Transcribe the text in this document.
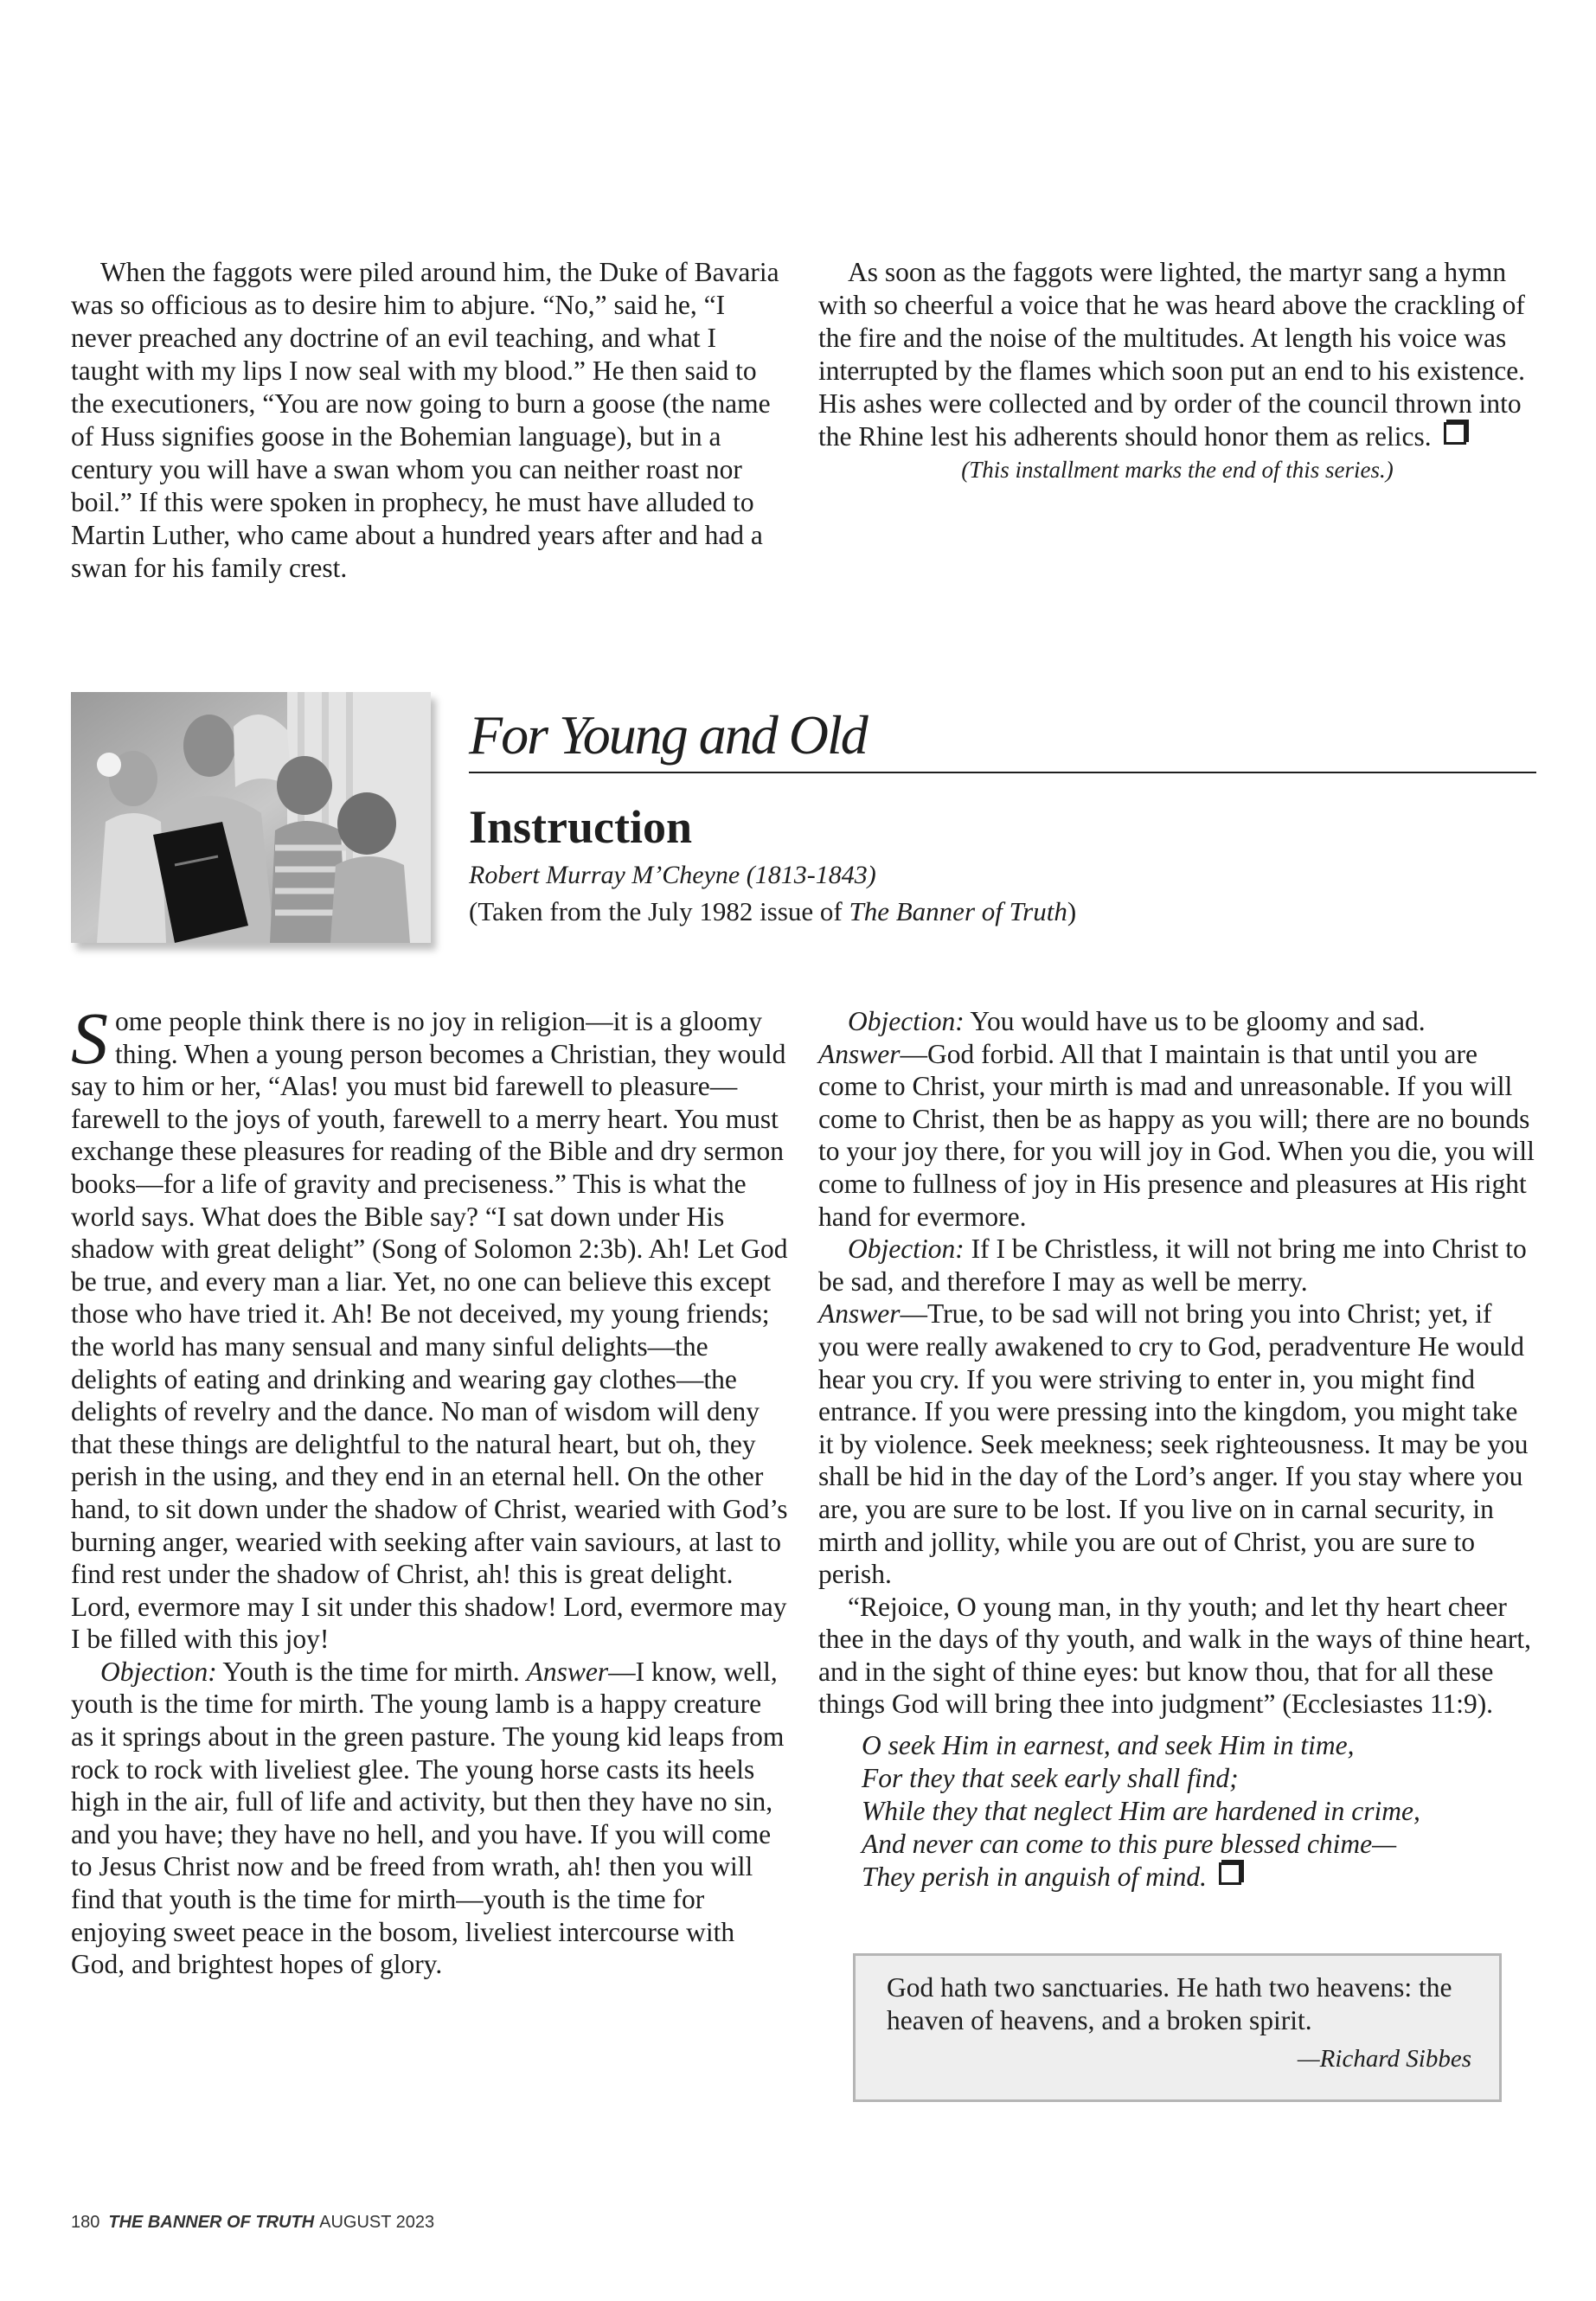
When the faggots were piled around him, the Duke of Bavaria was so officious as to desire him to abjure. “No,” said he, “I never preached any doctrine of an evil teaching, and what I taught with my lips I now seal with my blood.” He then said to the executioners, “You are now going to burn a goose (the name of Huss signifies goose in the Bohemian language), but in a century you will have a swan whom you can neither roast nor boil.” If this were spoken in prophecy, he must have alluded to Martin Luther, who came about a hundred years after and had a swan for his family crest.

As soon as the faggots were lighted, the martyr sang a hymn with so cheerful a voice that he was heard above the crackling of the fire and the noise of the multitudes. At length his voice was interrupted by the flames which soon put an end to his existence. His ashes were collected and by order of the council thrown into the Rhine lest his adherents should honor them as relics.

(This installment marks the end of this series.)

For Young and Old
Instruction
Robert Murray M’Cheyne (1813-1843)
(Taken from the July 1982 issue of The Banner of Truth)

Some people think there is no joy in religion—it is a gloomy thing. When a young person becomes a Christian, they would say to him or her, “Alas! you must bid farewell to pleasure—farewell to the joys of youth, farewell to a merry heart. You must exchange these pleasures for reading of the Bible and dry sermon books—for a life of gravity and preciseness.” This is what the world says. What does the Bible say? “I sat down under His shadow with great delight” (Song of Solomon 2:3b). Ah! Let God be true, and every man a liar. Yet, no one can believe this except those who have tried it. Ah! Be not deceived, my young friends; the world has many sensual and many sinful delights—the delights of eating and drinking and wearing gay clothes—the delights of revelry and the dance. No man of wisdom will deny that these things are delightful to the natural heart, but oh, they perish in the using, and they end in an eternal hell. On the other hand, to sit down under the shadow of Christ, wearied with God’s burning anger, wearied with seeking after vain saviours, at last to find rest under the shadow of Christ, ah! this is great delight. Lord, evermore may I sit under this shadow! Lord, evermore may I be filled with this joy!

Objection: Youth is the time for mirth. Answer—I know, well, youth is the time for mirth. The young lamb is a happy creature as it springs about in the green pasture. The young kid leaps from rock to rock with liveliest glee. The young horse casts its heels high in the air, full of life and activity, but then they have no sin, and you have; they have no hell, and you have. If you will come to Jesus Christ now and be freed from wrath, ah! then you will find that youth is the time for mirth—youth is the time for enjoying sweet peace in the bosom, liveliest intercourse with God, and brightest hopes of glory.

Objection: You would have us to be gloomy and sad.
Answer—God forbid. All that I maintain is that until you are come to Christ, your mirth is mad and unreasonable. If you will come to Christ, then be as happy as you will; there are no bounds to your joy there, for you will joy in God. When you die, you will come to fullness of joy in His presence and pleasures at His right hand for evermore.

Objection: If I be Christless, it will not bring me into Christ to be sad, and therefore I may as well be merry.
Answer—True, to be sad will not bring you into Christ; yet, if you were really awakened to cry to God, peradventure He would hear you cry. If you were striving to enter in, you might find entrance. If you were pressing into the kingdom, you might take it by violence. Seek meekness; seek righteousness. It may be you shall be hid in the day of the Lord’s anger. If you stay where you are, you are sure to be lost. If you live on in carnal security, in mirth and jollity, while you are out of Christ, you are sure to perish.

“Rejoice, O young man, in thy youth; and let thy heart cheer thee in the days of thy youth, and walk in the ways of thine heart, and in the sight of thine eyes: but know thou, that for all these things God will bring thee into judgment” (Ecclesiastes 11:9).

O seek Him in earnest, and seek Him in time,
For they that seek early shall find;
While they that neglect Him are hardened in crime,
And never can come to this pure blessed chime—
They perish in anguish of mind.
God hath two sanctuaries. He hath two heavens: the heaven of heavens, and a broken spirit.
—Richard Sibbes
180 THE BANNER OF TRUTH AUGUST 2023
